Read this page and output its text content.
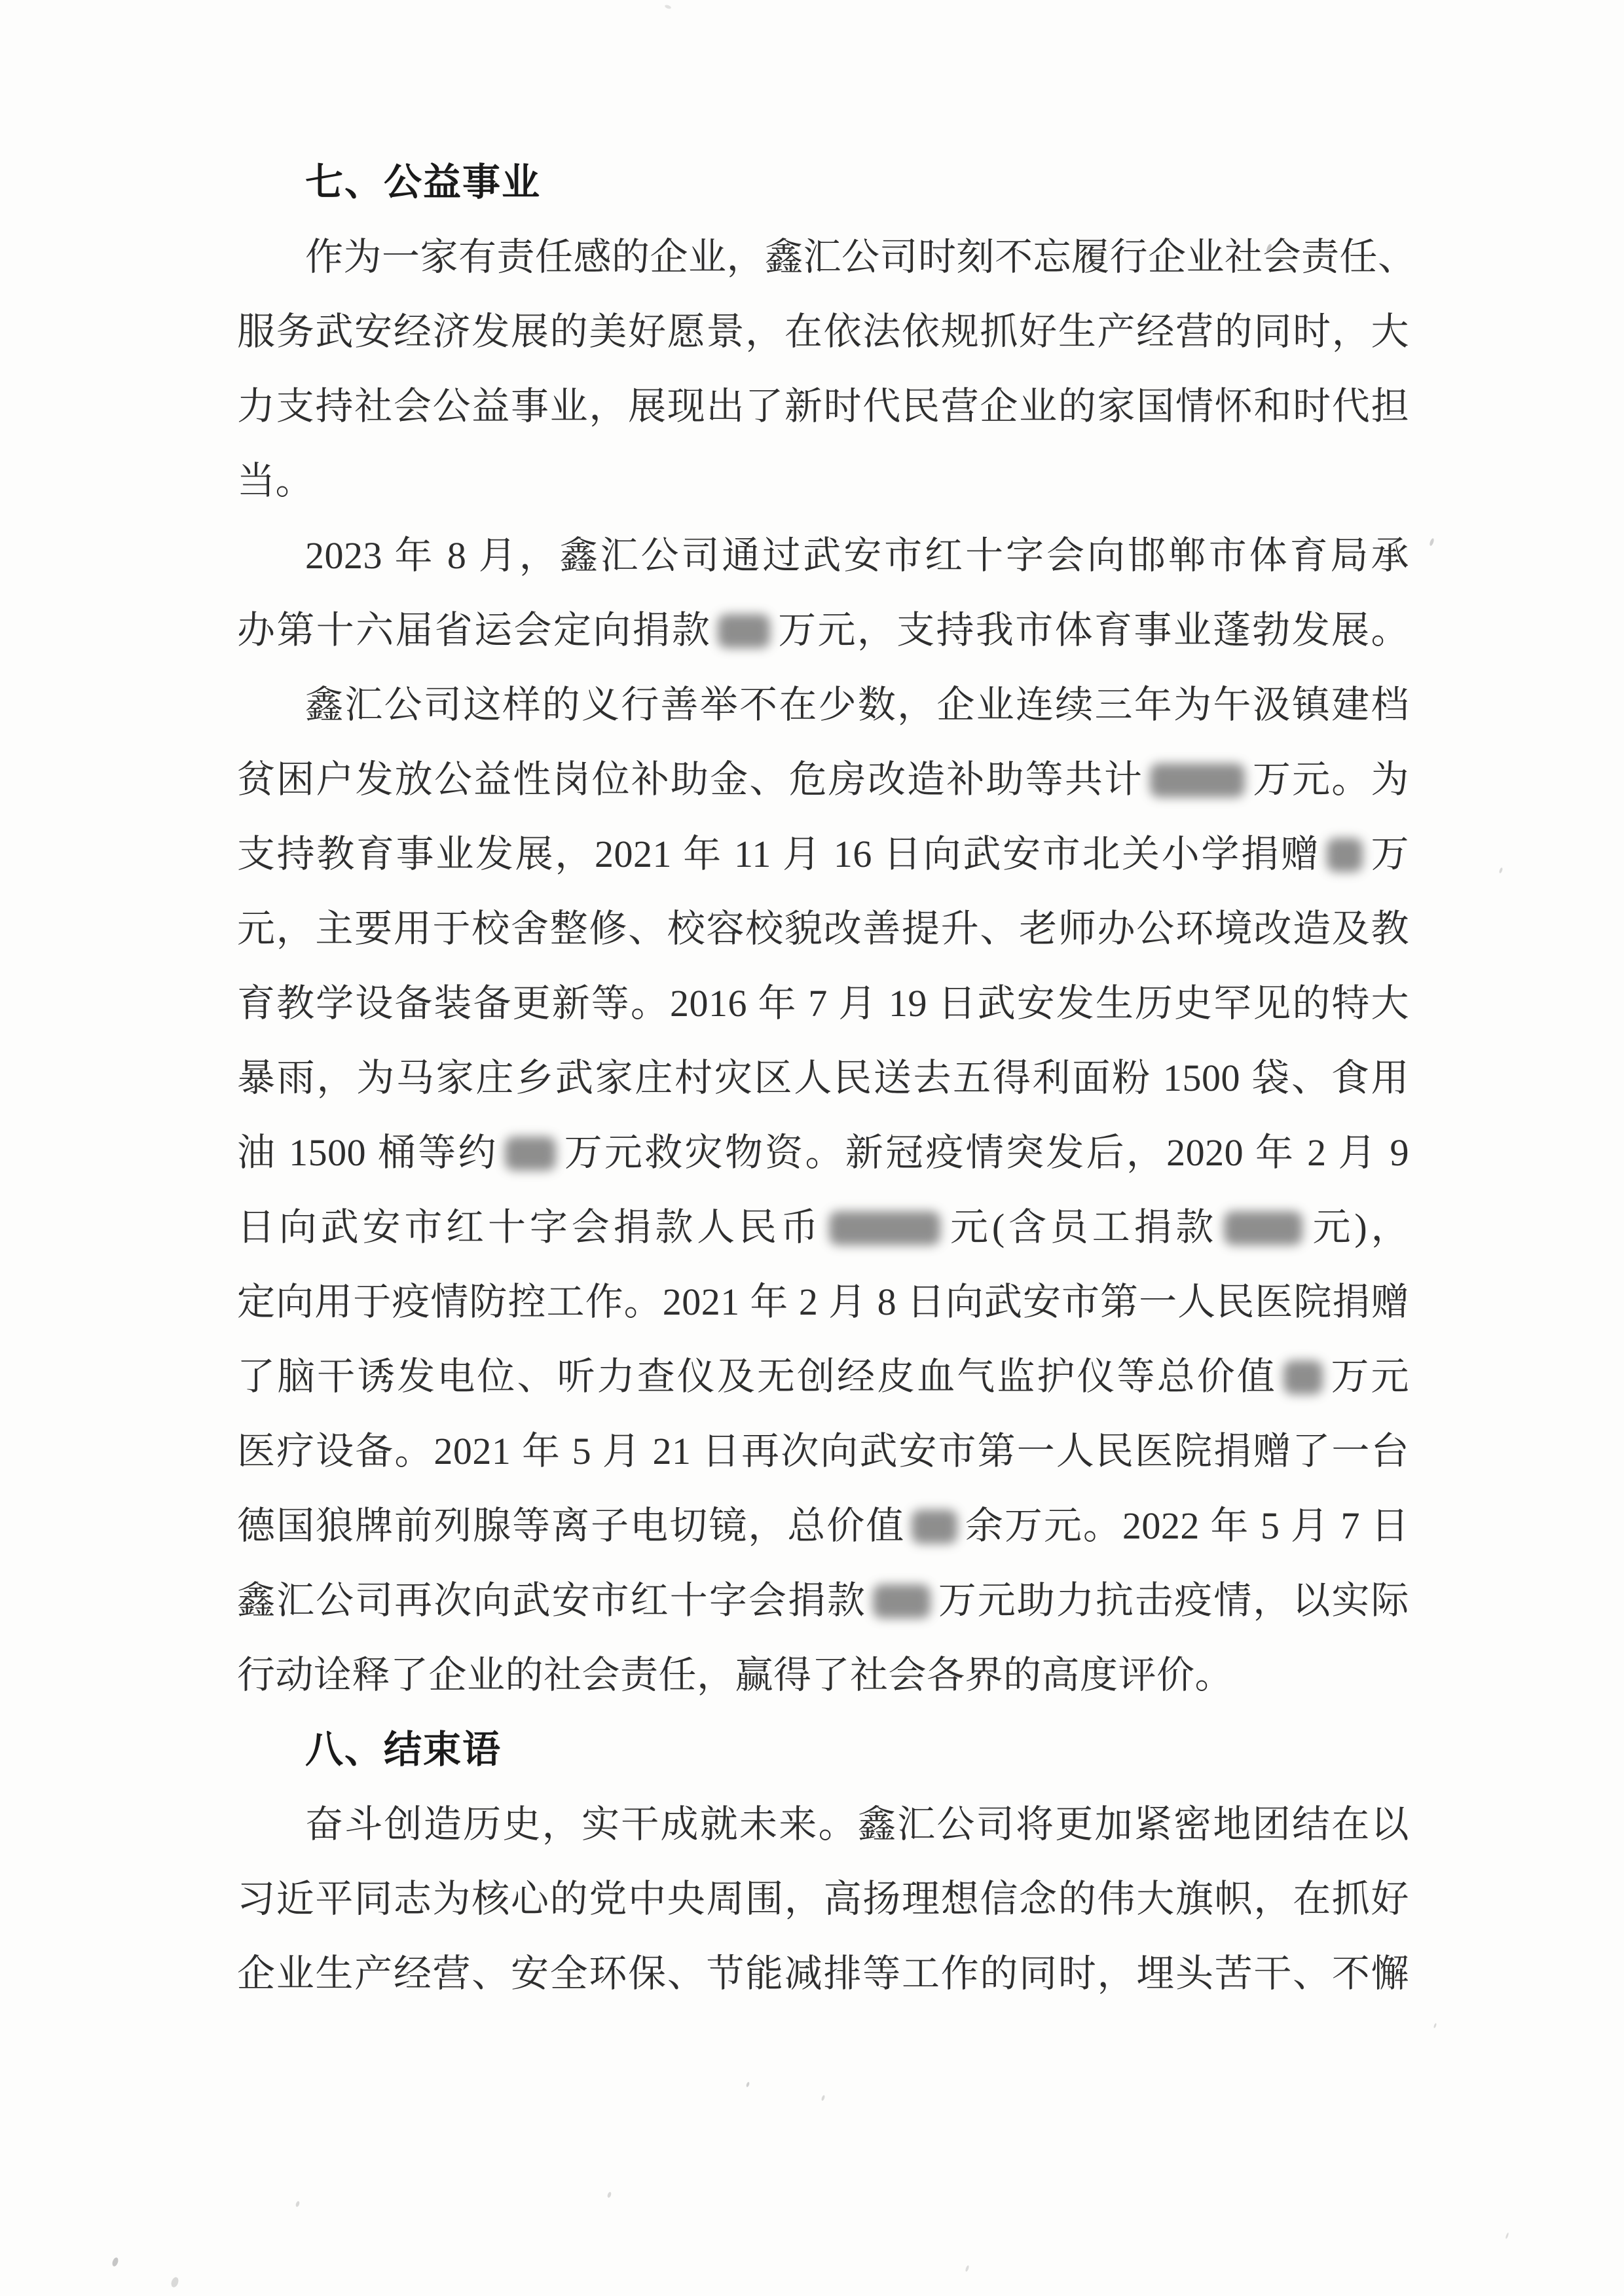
七、公益事业
作为一家有责任感的企业，鑫汇公司时刻不忘履行企业社会责任、
服务武安经济发展的美好愿景，在依法依规抓好生产经营的同时，大
力支持社会公益事业，展现出了新时代民营企业的家国情怀和时代担
当。
2023 年 8 月，鑫汇公司通过武安市红十字会向邯郸市体育局承
办第十六届省运会定向捐款 万元，支持我市体育事业蓬勃发展。
鑫汇公司这样的义行善举不在少数，企业连续三年为午汲镇建档
贫困户发放公益性岗位补助金、危房改造补助等共计	万元。为
支持教育事业发展，2021 年 11 月 16 日向武安市北关小学捐赠 万
元，主要用于校舍整修、校容校貌改善提升、老师办公环境改造及教
育教学设备装备更新等。2016 年 7 月 19 日武安发生历史罕见的特大
暴雨，为马家庄乡武家庄村灾区人民送去五得利面粉 1500 袋、食用
油 1500 桶等约 万元救灾物资。新冠疫情突发后，2020 年 2 月 9
日向武安市红十字会捐款人民币	元(含员工捐款 元)，
定向用于疫情防控工作。2021 年 2 月 8 日向武安市第一人民医院捐赠
了脑干诱发电位、听力查仪及无创经皮血气监护仪等总价值 万元
医疗设备。2021 年 5 月 21 日再次向武安市第一人民医院捐赠了一台
德国狼牌前列腺等离子电切镜，总价值 余万元。2022 年 5 月 7 日
鑫汇公司再次向武安市红十字会捐款 万元助力抗击疫情，以实际
行动诠释了企业的社会责任，赢得了社会各界的高度评价。
八、结束语
奋斗创造历史，实干成就未来。鑫汇公司将更加紧密地团结在以
习近平同志为核心的党中央周围，高扬理想信念的伟大旗帜，在抓好
企业生产经营、安全环保、节能减排等工作的同时，埋头苦干、不懈
